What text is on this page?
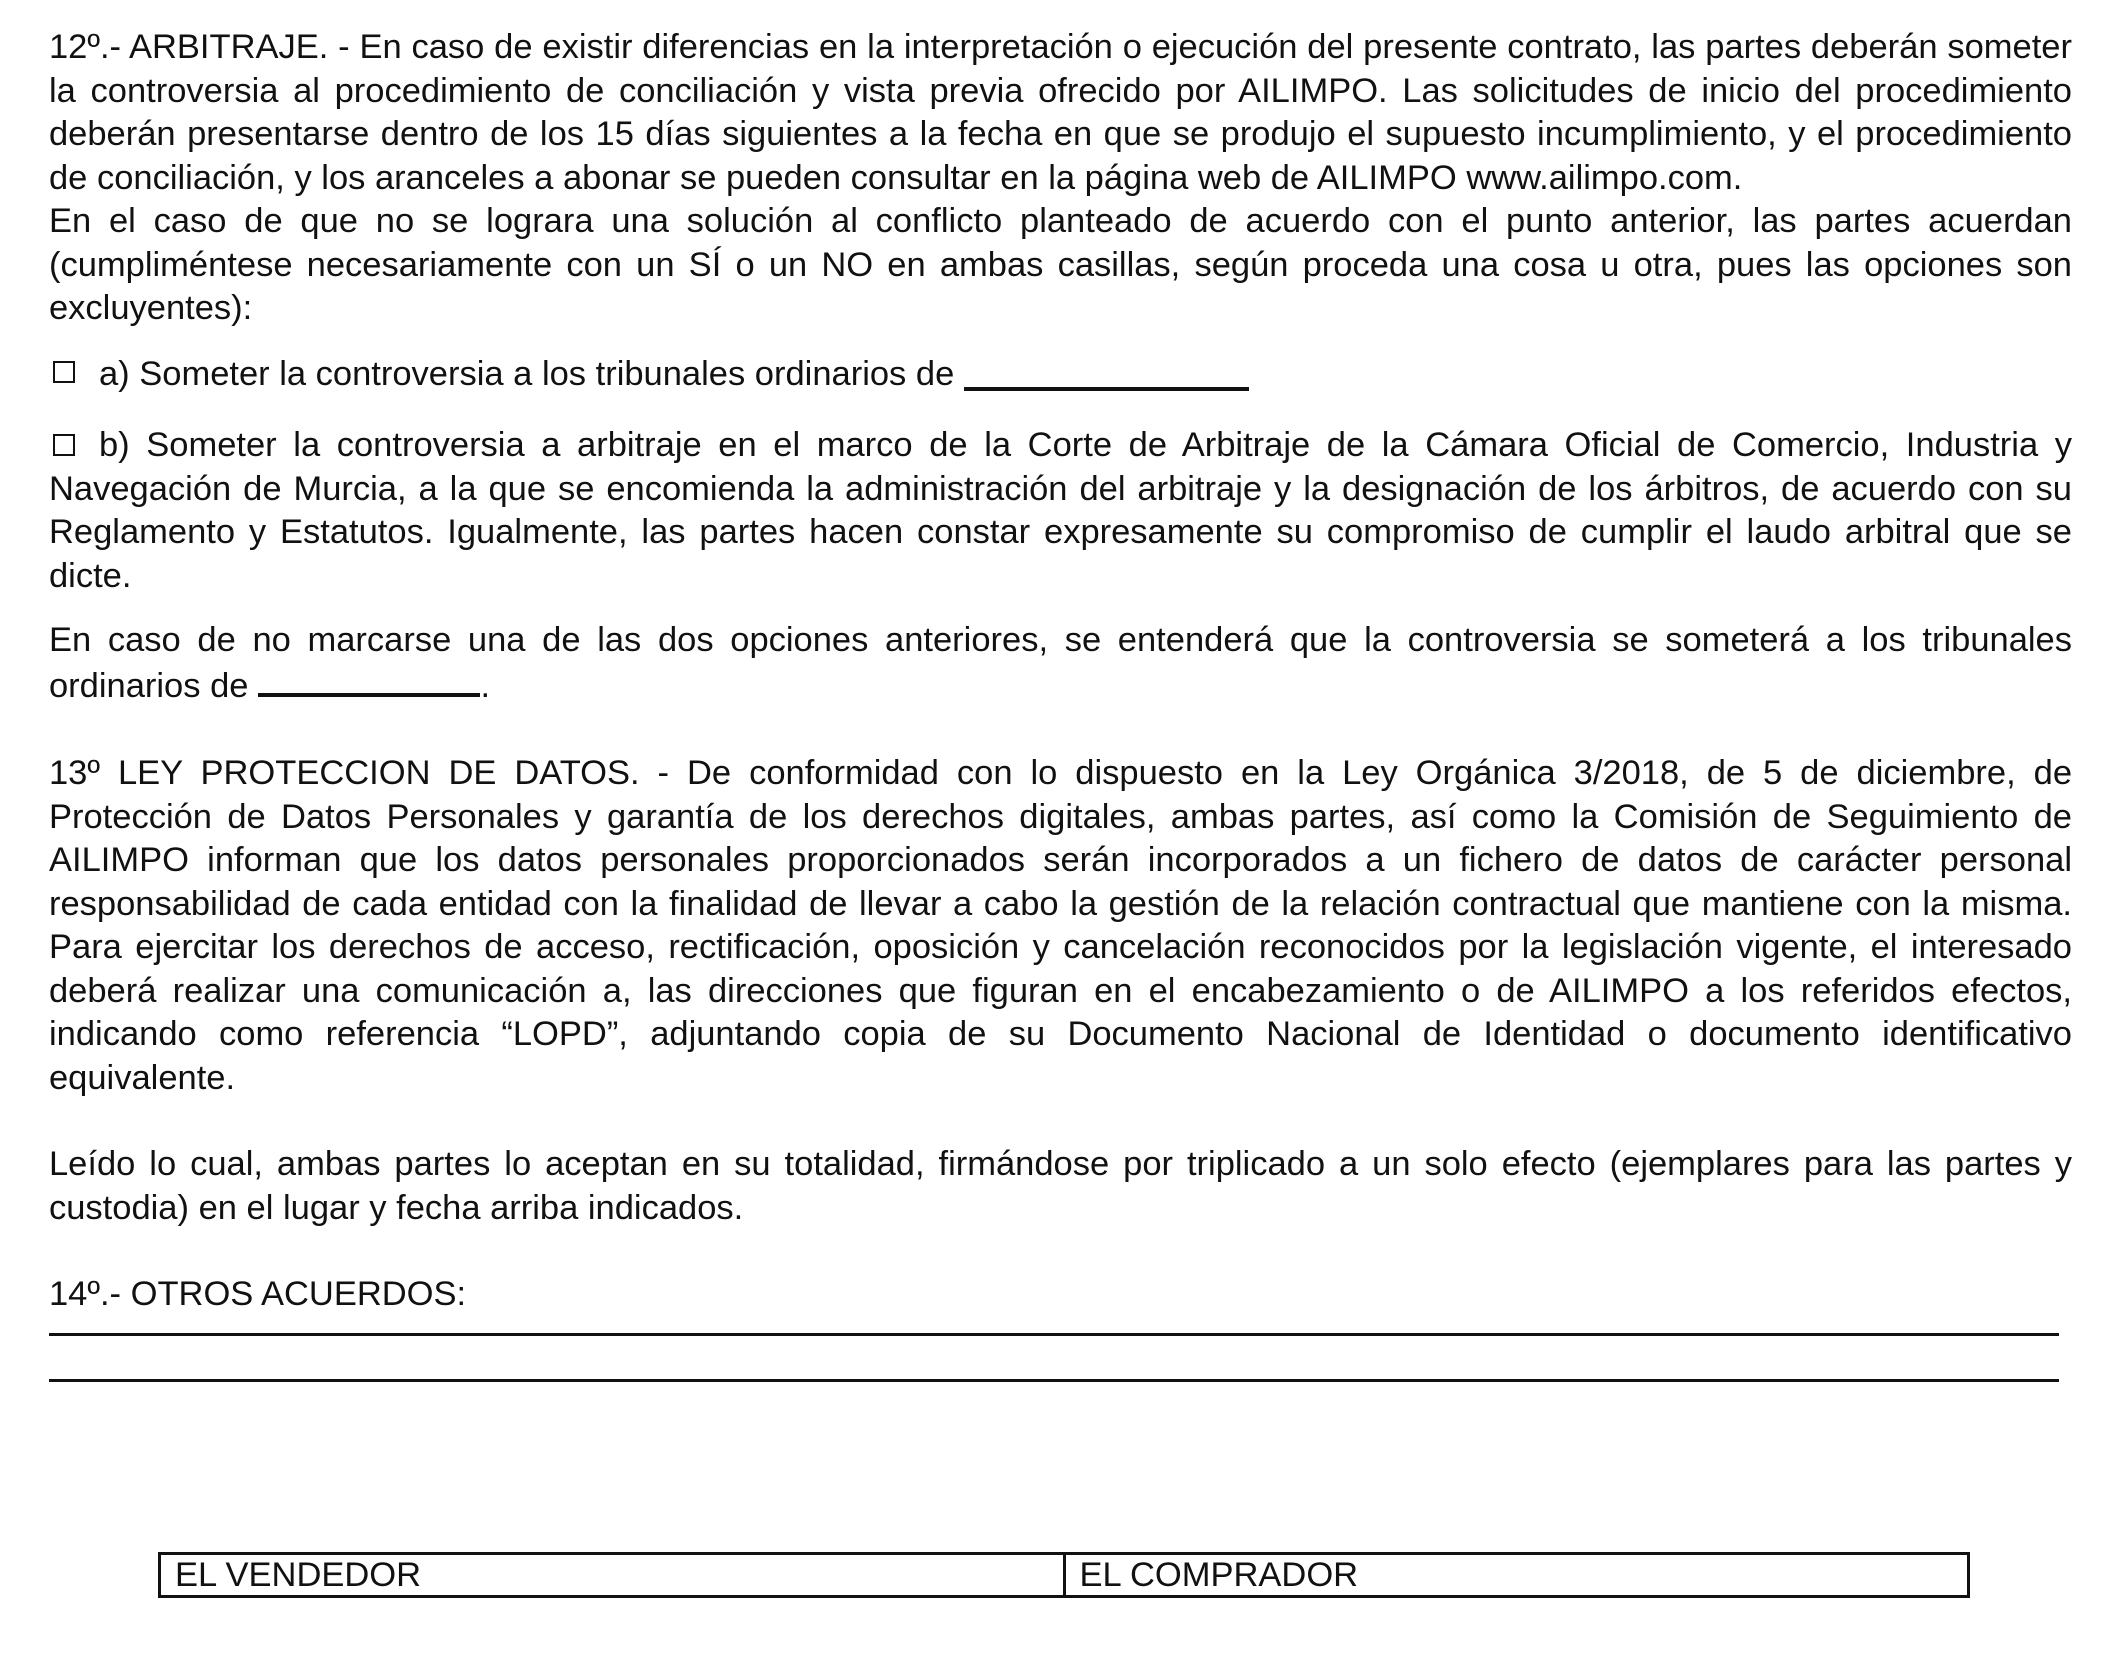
12º.- ARBITRAJE. - En caso de existir diferencias en la interpretación o ejecución del presente contrato, las partes deberán someter la controversia al procedimiento de conciliación y vista previa ofrecido por AILIMPO. Las solicitudes de inicio del procedimiento deberán presentarse dentro de los 15 días siguientes a la fecha en que se produjo el supuesto incumplimiento, y el procedimiento de conciliación, y los aranceles a abonar se pueden consultar en la página web de AILIMPO www.ailimpo.com.

En el caso de que no se lograra una solución al conflicto planteado de acuerdo con el punto anterior, las partes acuerdan (cumpliméntese necesariamente con un SÍ o un NO en ambas casillas, según proceda una cosa u otra, pues las opciones son excluyentes):

a) Someter la controversia a los tribunales ordinarios de

b) Someter la controversia a arbitraje en el marco de la Corte de Arbitraje de la Cámara Oficial de Comercio, Industria y Navegación de Murcia, a la que se encomienda la administración del arbitraje y la designación de los árbitros, de acuerdo con su Reglamento y Estatutos. Igualmente, las partes hacen constar expresamente su compromiso de cumplir el laudo arbitral que se dicte.

En caso de no marcarse una de las dos opciones anteriores, se entenderá que la controversia se someterá a los tribunales ordinarios de	.

13º LEY PROTECCION DE DATOS. - De conformidad con lo dispuesto en la Ley Orgánica 3/2018, de 5 de diciembre, de Protección de Datos Personales y garantía de los derechos digitales, ambas partes, así como la Comisión de Seguimiento de AILIMPO informan que los datos personales proporcionados serán incorporados a un fichero de datos de carácter personal responsabilidad de cada entidad con la finalidad de llevar a cabo la gestión de la relación contractual que mantiene con la misma. Para ejercitar los derechos de acceso, rectificación, oposición y cancelación reconocidos por la legislación vigente, el interesado deberá realizar una comunicación a, las direcciones que figuran en el encabezamiento o de AILIMPO a los referidos efectos, indicando como referencia “LOPD”, adjuntando copia de su Documento Nacional de Identidad o documento identificativo equivalente.

Leído lo cual, ambas partes lo aceptan en su totalidad, firmándose por triplicado a un solo efecto (ejemplares para las partes y custodia) en el lugar y fecha arriba indicados.

14º.- OTROS ACUERDOS:

EL VENDEDOR	EL COMPRADOR
